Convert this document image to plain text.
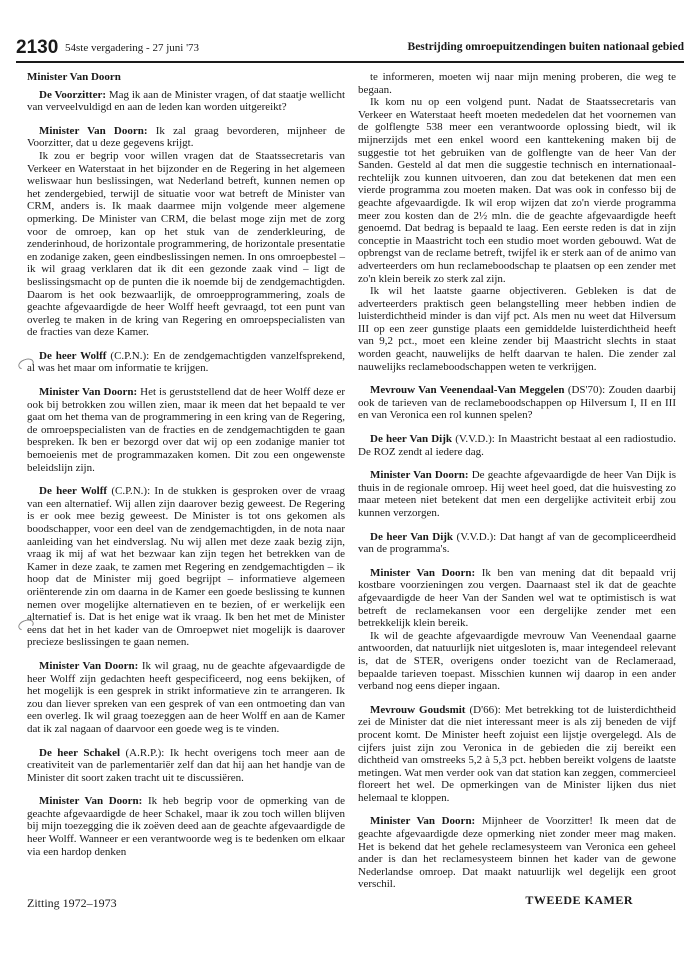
2130 54ste vergadering - 27 juni '73	Bestrijding omroepuitzendingen buiten nationaal gebied
Minister Van Doorn

De Voorzitter: Mag ik aan de Minister vragen, of dat staatje wellicht van verveelvuldigd en aan de leden kan worden uitgereikt?

Minister Van Doorn: Ik zal graag bevorderen, mijnheer de Voorzitter, dat u deze gegevens krijgt.

Ik zou er begrip voor willen vragen dat de Staatssecretaris van Verkeer en Waterstaat in het bijzonder en de Regering in het algemeen weliswaar hun beslissingen, wat Nederland betreft, kunnen nemen op het zendergebied, terwijl de situatie voor wat betreft de Minister van CRM, anders is. Ik maak daarmee mijn volgende meer algemene opmerking. De Minister van CRM, die belast moge zijn met de zorg voor de omroep, kan op het stuk van de zenderkleuring, de zenderinhoud, de horizontale programmering, de horizontale presentatie en zodanige zaken, geen eindbeslissingen nemen. In ons omroepbestel – ik wil graag verklaren dat ik dit een gezonde zaak vind – ligt de beslissingsmacht op de punten die ik noemde bij de zendgemachtigden. Daarom is het ook bezwaarlijk, de omroepprogrammering, zoals de geachte afgevaardigde de heer Wolff heeft gevraagd, tot een punt van overleg te maken in de kring van Regering en omroepspecialisten van de fracties van deze Kamer.

De heer Wolff (C.P.N.): En de zendgemachtigden vanzelfsprekend, al was het maar om informatie te krijgen.

Minister Van Doorn: Het is geruststellend dat de heer Wolff deze er ook bij betrokken zou willen zien, maar ik meen dat het bepaald te ver gaat om het thema van de programmering in een kring van de Regering, de omroepspecialisten van de fracties en de zendgemachtigden te gaan bespreken. Ik ben er bezorgd over dat wij op een zodanige manier tot bemoeienis met de programmazaken komen. Dit zou een ongewenste beleidslijn zijn.

De heer Wolff (C.P.N.): In de stukken is gesproken over de vraag van een alternatief. Wij allen zijn daarover bezig geweest. De Regering is er ook mee bezig geweest. De Minister is tot ons gekomen als boodschapper, voor een deel van de zendgemachtigden, in de nota naar aanleiding van het eindverslag. Nu wij allen met deze zaak bezig zijn, vraag ik mij af wat het bezwaar kan zijn tegen het betrekken van de Kamer in deze zaak, te zamen met Regering en zendgemachtigden – ik hoop dat de Minister mij goed begrijpt – informatieve algemeen oriënterende zin om daarna in de Kamer een goede beslissing te kunnen nemen over mogelijke alternatieven en te bezien, of er werkelijk een alternatief is. Dat is het enige wat ik vraag. Ik ben het met de Minister eens dat het in het kader van de Omroepwet niet mogelijk is daarover precieze beslissingen te gaan nemen.

Minister Van Doorn: Ik wil graag, nu de geachte afgevaardigde de heer Wolff zijn gedachten heeft gespecificeerd, nog eens bekijken, of het mogelijk is een gesprek in strikt informatieve zin te arrangeren. Ik zou dan liever spreken van een gesprek of van een ontmoeting dan van een overleg. Ik wil graag toezeggen aan de heer Wolff en aan de Kamer dat ik zal nagaan of daarvoor een goede weg is te vinden.

De heer Schakel (A.R.P.): Ik hecht overigens toch meer aan de creativiteit van de parlementariër zelf dan dat hij aan het handje van de Minister dit soort zaken tracht uit te discussiëren.

Minister Van Doorn: Ik heb begrip voor de opmerking van de geachte afgevaardigde de heer Schakel, maar ik zou toch willen blijven bij mijn toezegging die ik zoëven deed aan de geachte afgevaardigde de heer Wolff. Wanneer er een verantwoorde weg is te bedenken om elkaar via een hardop denken

te informeren, moeten wij naar mijn mening proberen, die weg te begaan.

Ik kom nu op een volgend punt. Nadat de Staatssecretaris van Verkeer en Waterstaat heeft moeten mededelen dat het voornemen van de golflengte 538 meer een verantwoorde oplossing biedt, wil ik mijnerzijds met een enkel woord een kanttekening maken bij de suggestie tot het gebruiken van de golflengte van de heer Van der Sanden. Gesteld al dat men die suggestie technisch en internationaal-rechtelijk zou kunnen uitvoeren, dan zou dat betekenen dat men een vierde programma zou moeten maken. Dat was ook in confesso bij de geachte afgevaardigde. Ik wil erop wijzen dat zo'n vierde programma meer zou kosten dan de 2½ mln. die de geachte afgevaardigde heeft genoemd. Dat bedrag is bepaald te laag. Een eerste reden is dat in zijn conceptie in Maastricht toch een studio moet worden gebouwd. Wat de opbrengst van de reclame betreft, twijfel ik er sterk aan of de animo van adverteerders om hun reclameboodschap te plaatsen op een zender met zo'n klein bereik zo sterk zal zijn.

Ik wil het laatste gaarne objectiveren. Gebleken is dat de adverteerders praktisch geen belangstelling meer hebben indien de luisterdichtheid minder is dan vijf pct. Als men nu weet dat Hilversum III op een zeer gunstige plaats een gemiddelde luisterdichtheid heeft van 9,2 pct., moet een kleine zender bij Maastricht slechts in staat worden geacht, nauwelijks de helft daarvan te halen. Die zender zal nauwelijks reclameboodschappen weten te verkrijgen.

Mevrouw Van Veenendaal-Van Meggelen (DS'70): Zouden daarbij ook de tarieven van de reclameboodschappen op Hilversum I, II en III en van Veronica een rol kunnen spelen?

De heer Van Dijk (V.V.D.): In Maastricht bestaat al een radiostudio. De ROZ zendt al iedere dag.

Minister Van Doorn: De geachte afgevaardigde de heer Van Dijk is thuis in de regionale omroep. Hij weet heel goed, dat die huisvesting zo maar meteen niet betekent dat men een dergelijke activiteit erbij zou kunnen verzorgen.

De heer Van Dijk (V.V.D.): Dat hangt af van de gecompliceerdheid van de programma's.

Minister Van Doorn: Ik ben van mening dat dit bepaald vrij kostbare voorzieningen zou vergen. Daarnaast stel ik dat de geachte afgevaardigde de heer Van der Sanden wel wat te optimistisch is wat betreft de reclamekansen voor een dergelijke zender met een betrekkelijk klein bereik.

Ik wil de geachte afgevaardigde mevrouw Van Veenendaal gaarne antwoorden, dat natuurlijk niet uitgesloten is, maar integendeel relevant is, dat de STER, overigens onder toezicht van de Reclameraad, bepaalde tarieven toepast. Misschien kunnen wij daarop in een ander verband nog eens dieper ingaan.

Mevrouw Goudsmit (D'66): Met betrekking tot de luisterdichtheid zei de Minister dat die niet interessant meer is als zij beneden de vijf procent komt. De Minister heeft zojuist een lijstje overgelegd. Als de cijfers juist zijn zou Veronica in de gebieden die zij bereikt een dichtheid van omstreeks 5,2 à 5,3 pct. hebben bereikt volgens de laatste metingen. Wat men verder ook van dat station kan zeggen, commercieel floreert het wel. De opmerkingen van de Minister lijken dus niet helemaal te kloppen.

Minister Van Doorn: Mijnheer de Voorzitter! Ik meen dat de geachte afgevaardigde deze opmerking niet zonder meer mag maken. Het is bekend dat het gehele reclamesysteem van Veronica een geheel ander is dan het reclamesysteem binnen het kader van de gewone Nederlandse omroep. Dat maakt natuurlijk wel degelijk een groot verschil.

Zitting 1972–1973	TWEEDE KAMER
